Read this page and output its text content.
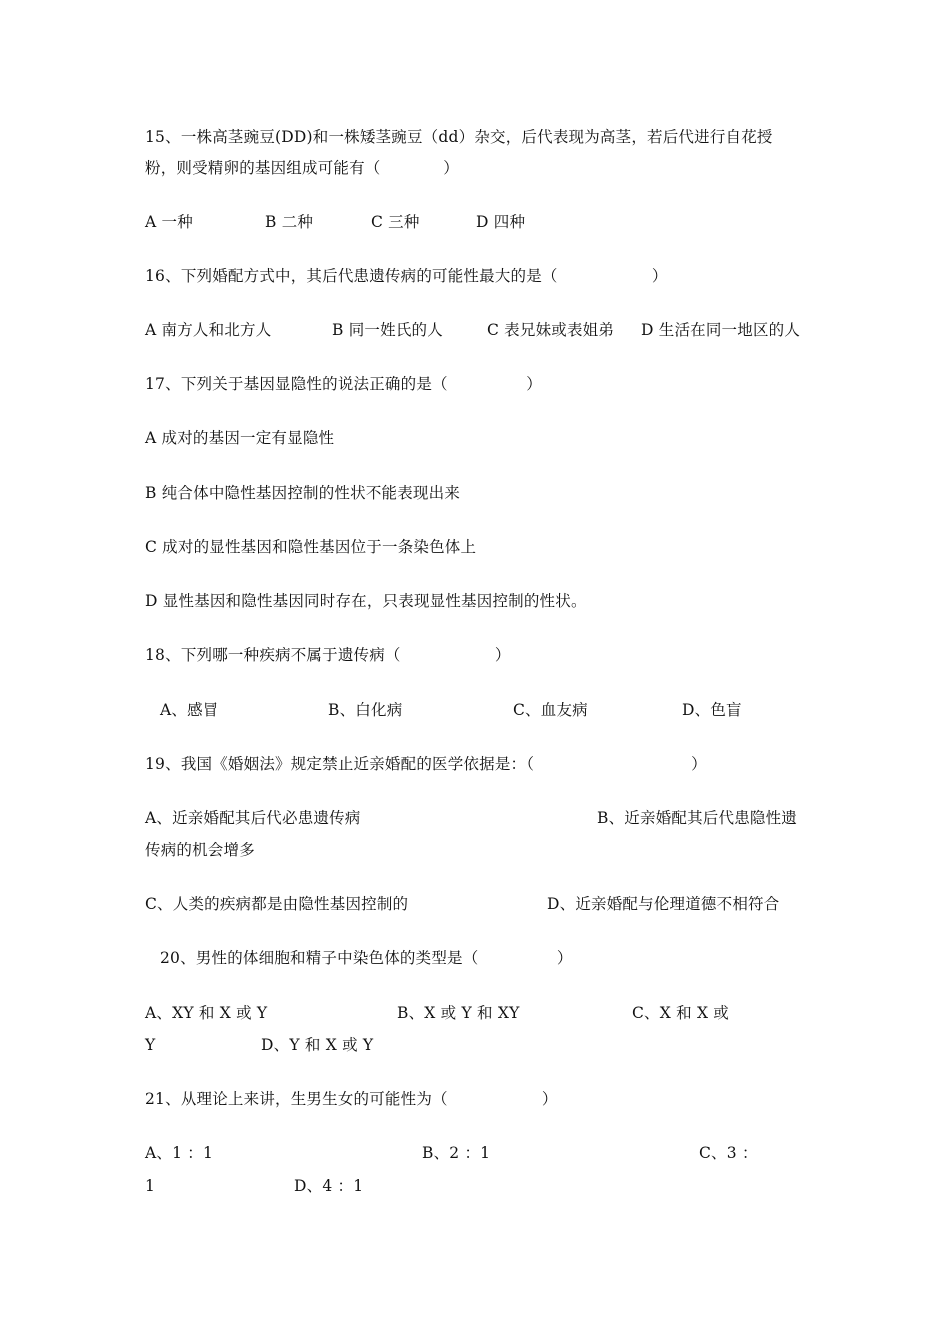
15、一株高茎豌豆(DD)和一株矮茎豌豆（dd）杂交，后代表现为高茎，若后代进行自花授
粉，则受精卵的基因组成可能有（　　　　）
A 一种	B 二种	C 三种	D 四种
16、下列婚配方式中，其后代患遗传病的可能性最大的是（　　　　　　）
A 南方人和北方人	B 同一姓氏的人	C 表兄妹或表姐弟 D 生活在同一地区的人
17、下列关于基因显隐性的说法正确的是（　　　　　）
A 成对的基因一定有显隐性
B 纯合体中隐性基因控制的性状不能表现出来
C 成对的显性基因和隐性基因位于一条染色体上
D 显性基因和隐性基因同时存在，只表现显性基因控制的性状。
18、下列哪一种疾病不属于遗传病（　　　　　　）
A、感冒	B、白化病	C、血友病	D、色盲
19、我国《婚姻法》规定禁止近亲婚配的医学依据是：（　　　　　　　　　　）
A、近亲婚配其后代必患遗传病	B、近亲婚配其后代患隐性遗
传病的机会增多
C、人类的疾病都是由隐性基因控制的	D、近亲婚配与伦理道德不相符合
20、男性的体细胞和精子中染色体的类型是（　　　　　）
A、XY 和 X 或 Y	B、X 或 Y 和 XY	C、X 和 X 或
Y	D、Y 和 X 或 Y
21、从理论上来讲，生男生女的可能性为（　　　　　　）
A、1 ：1	B、2 ：1	C、3 ：
1	D、4 ：1
